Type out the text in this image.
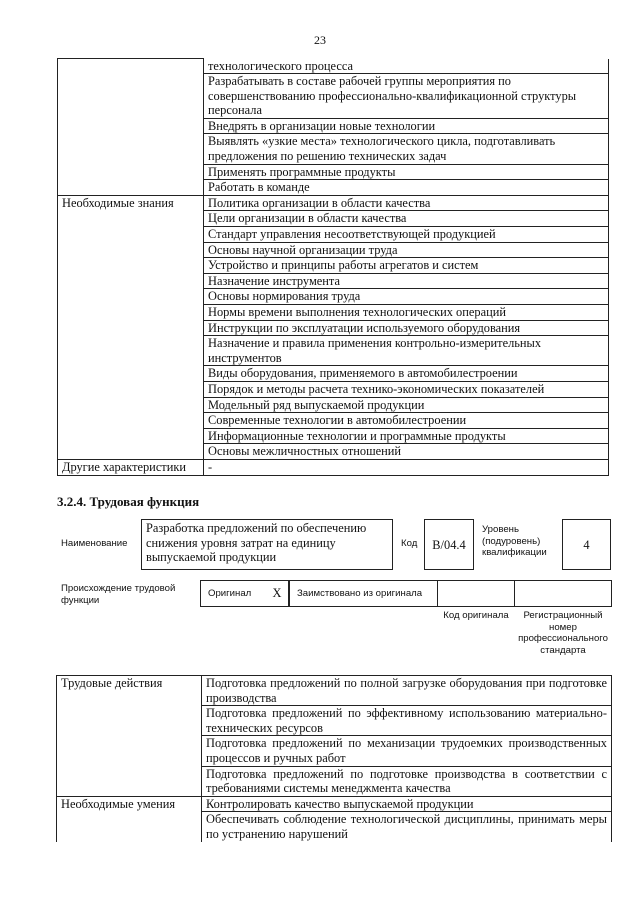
23
	технологического процесса
	Разрабатывать в составе рабочей группы мероприятия по совершенствованию профессионально-квалификационной структуры персонала
	Внедрять в организации новые технологии
	Выявлять «узкие места» технологического цикла, подготавливать предложения по решению технических задач
	Применять программные продукты
	Работать в команде
Необходимые знания	Политика организации в области качества
	Цели организации в области качества
	Стандарт управления несоответствующей продукцией
	Основы научной организации труда
	Устройство и принципы работы агрегатов и систем
	Назначение инструмента
	Основы нормирования труда
	Нормы времени выполнения технологических операций
	Инструкции по эксплуатации используемого оборудования
	Назначение и правила применения контрольно-измерительных инструментов
	Виды оборудования, применяемого в автомобилестроении
	Порядок и методы расчета технико-экономических показателей
	Модельный ряд выпускаемой продукции
	Современные технологии в автомобилестроении
	Информационные технологии и программные продукты
	Основы межличностных отношений
Другие характеристики	-
3.2.4. Трудовая функция
Наименование
Разработка предложений по обеспечению снижения уровня затрат на единицу выпускаемой продукции
Код	В/04.4
Уровень (подуровень) квалификации
4
Происхождение трудовой функции
Оригинал	X	Заимствовано из оригинала
Код оригинала	Регистрационный номер профессионального стандарта
Трудовые действия	Подготовка предложений по полной загрузке оборудования при подготовке производства
	Подготовка предложений по эффективному использованию материально-технических ресурсов
	Подготовка предложений по механизации трудоемких производственных процессов и ручных работ
	Подготовка предложений по подготовке производства в соответствии с требованиями системы менеджмента качества
Необходимые умения	Контролировать качество выпускаемой продукции
	Обеспечивать соблюдение технологической дисциплины, принимать меры по устранению нарушений
